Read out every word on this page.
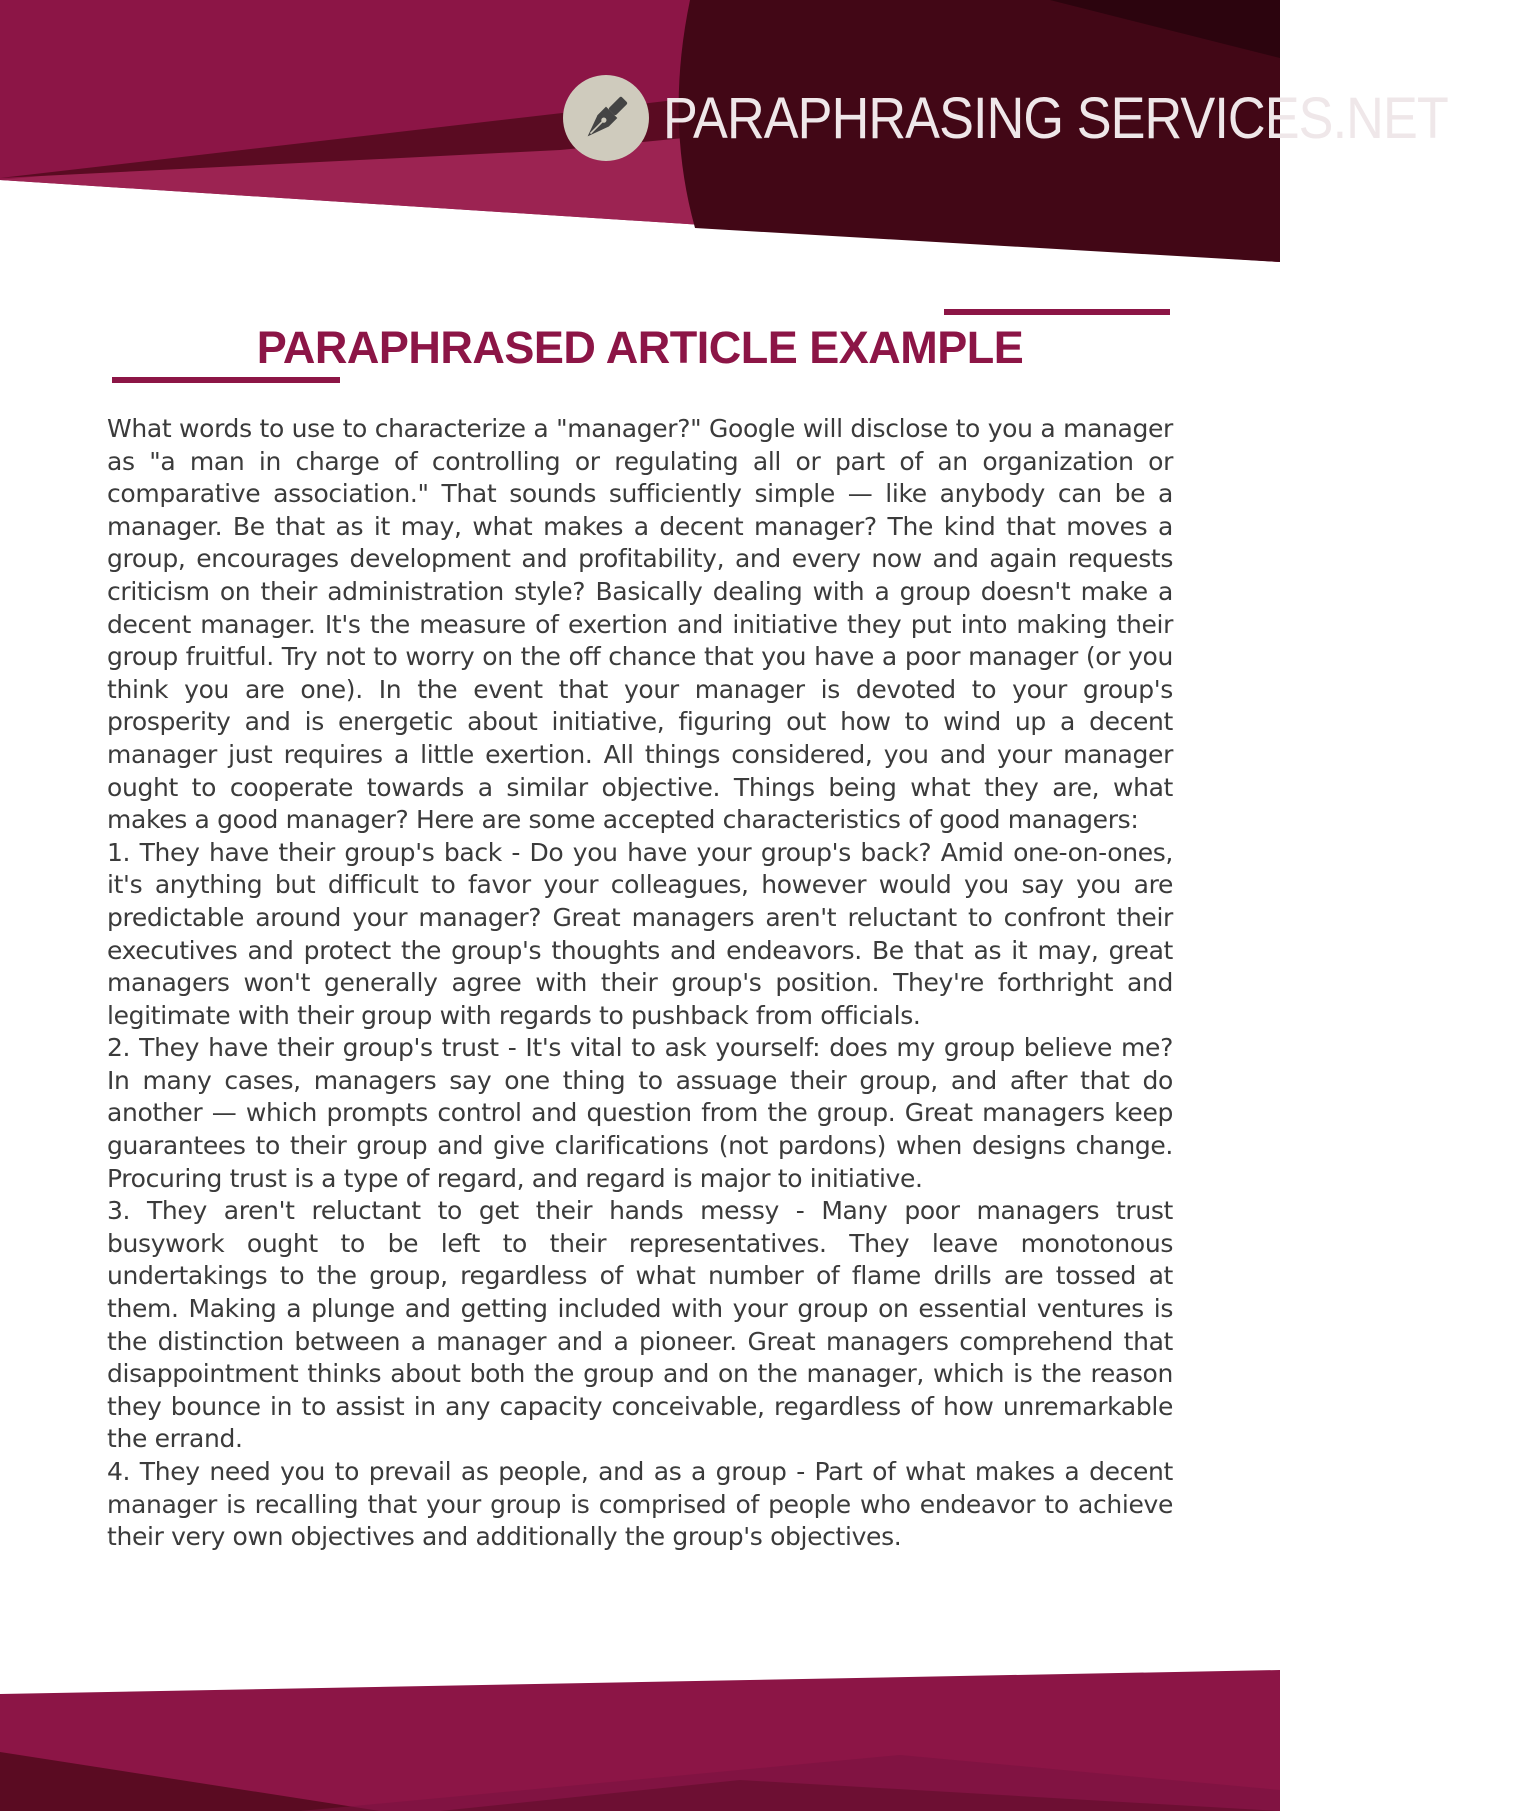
PARAPHRASING SERVICES.NET
PARAPHRASED ARTICLE EXAMPLE

What words to use to characterize a "manager?" Google will disclose to you a manager as "a man in charge of controlling or regulating all or part of an organization or comparative association." That sounds sufficiently simple — like anybody can be a manager. Be that as it may, what makes a decent manager? The kind that moves a group, encourages development and profitability, and every now and again requests criticism on their administration style? Basically dealing with a group doesn't make a decent manager. It's the measure of exertion and initiative they put into making their group fruitful. Try not to worry on the off chance that you have a poor manager (or you think you are one). In the event that your manager is devoted to your group's prosperity and is energetic about initiative, figuring out how to wind up a decent manager just requires a little exertion. All things considered, you and your manager ought to cooperate towards a similar objective. Things being what they are, what makes a good manager? Here are some accepted characteristics of good managers:

1. They have their group's back - Do you have your group's back? Amid one-on-ones, it's anything but difficult to favor your colleagues, however would you say you are predictable around your manager? Great managers aren't reluctant to confront their executives and protect the group's thoughts and endeavors. Be that as it may, great managers won't generally agree with their group's position. They're forthright and legitimate with their group with regards to pushback from officials.

2. They have their group's trust - It's vital to ask yourself: does my group believe me? In many cases, managers say one thing to assuage their group, and after that do another — which prompts control and question from the group. Great managers keep guarantees to their group and give clarifications (not pardons) when designs change. Procuring trust is a type of regard, and regard is major to initiative.

3. They aren't reluctant to get their hands messy - Many poor managers trust busywork ought to be left to their representatives. They leave monotonous undertakings to the group, regardless of what number of flame drills are tossed at them. Making a plunge and getting included with your group on essential ventures is the distinction between a manager and a pioneer. Great managers comprehend that disappointment thinks about both the group and on the manager, which is the reason they bounce in to assist in any capacity conceivable, regardless of how unremarkable the errand.

4. They need you to prevail as people, and as a group - Part of what makes a decent manager is recalling that your group is comprised of people who endeavor to achieve their very own objectives and additionally the group's objectives.
